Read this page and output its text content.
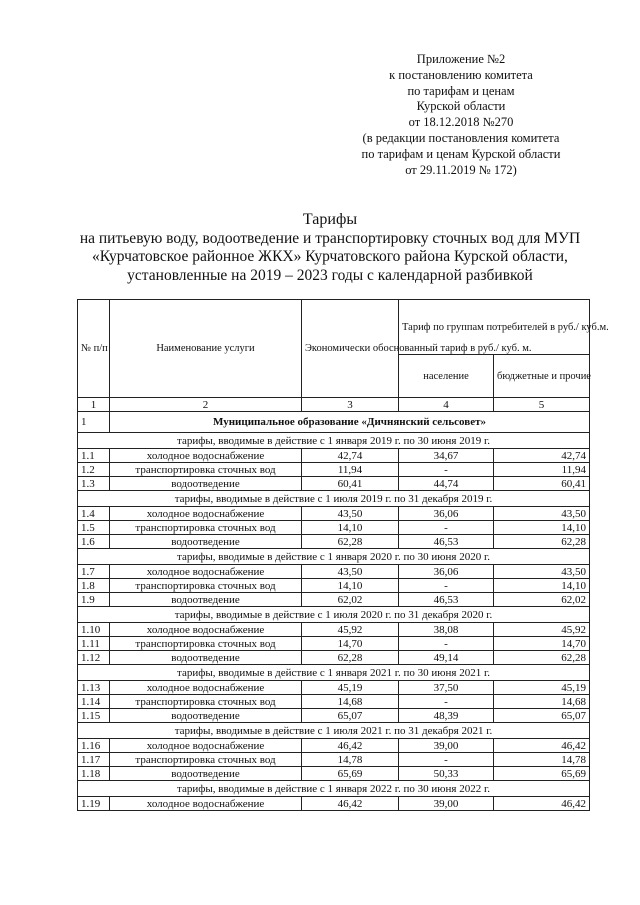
Приложение №2
к постановлению комитета
по тарифам и ценам
Курской области
от 18.12.2018 №270
(в редакции постановления комитета
по тарифам и ценам Курской области
от 29.11.2019 № 172)
Тарифы
на питьевую воду, водоотведение и транспортировку сточных вод для МУП
«Курчатовское районное ЖКХ» Курчатовского района Курской области,
установленные на 2019 – 2023 годы с календарной разбивкой
№ п/п	Наименование услуги	Экономически обоснованный тариф в руб./ куб. м.	Тариф по группам потребителей в руб./ куб.м.	
			население	бюджетные и прочие
1	2	3	4	5
1	Муниципальное образование «Дичнянский сельсовет»			
тарифы, вводимые в действие с 1 января 2019 г. по 30 июня 2019 г.				
1.1	холодное водоснабжение	42,74	34,67	42,74
1.2	транспортировка сточных вод	11,94	-	11,94
1.3	водоотведение	60,41	44,74	60,41
тарифы, вводимые в действие с 1 июля 2019 г. по 31 декабря 2019 г.				
1.4	холодное водоснабжение	43,50	36,06	43,50
1.5	транспортировка сточных вод	14,10	-	14,10
1.6	водоотведение	62,28	46,53	62,28
тарифы, вводимые в действие с 1 января 2020 г. по 30 июня 2020 г.				
1.7	холодное водоснабжение	43,50	36,06	43,50
1.8	транспортировка сточных вод	14,10	-	14,10
1.9	водоотведение	62,02	46,53	62,02
тарифы, вводимые в действие с 1 июля 2020 г. по 31 декабря 2020 г.				
1.10	холодное водоснабжение	45,92	38,08	45,92
1.11	транспортировка сточных вод	14,70	-	14,70
1.12	водоотведение	62,28	49,14	62,28
тарифы, вводимые в действие с 1 января 2021 г. по 30 июня 2021 г.				
1.13	холодное водоснабжение	45,19	37,50	45,19
1.14	транспортировка сточных вод	14,68	-	14,68
1.15	водоотведение	65,07	48,39	65,07
тарифы, вводимые в действие с 1 июля 2021 г. по 31 декабря 2021 г.				
1.16	холодное водоснабжение	46,42	39,00	46,42
1.17	транспортировка сточных вод	14,78	-	14,78
1.18	водоотведение	65,69	50,33	65,69
тарифы, вводимые в действие с 1 января 2022 г. по 30 июня 2022 г.				
1.19	холодное водоснабжение	46,42	39,00	46,42
